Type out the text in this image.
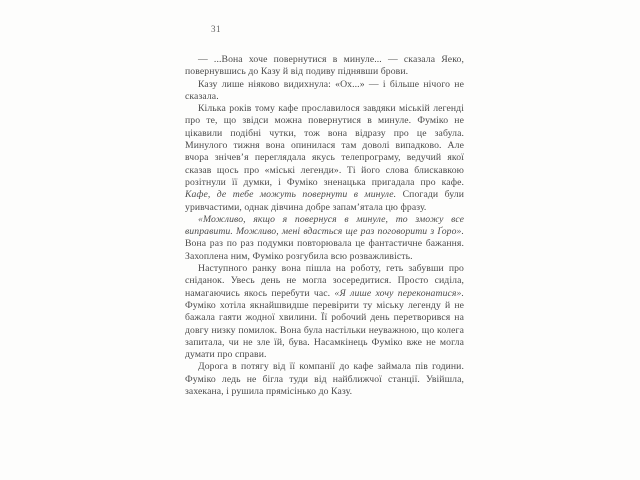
31

— ...Вона хоче повернутися в минуле... — сказала Яеко, повернувшись до Казу й від подиву піднявши брови.

Казу лише ніяково видихнула: «Ох...» — і більше нічого не сказала.

Кілька років тому кафе прославилося завдяки міській легенді про те, що звідси можна повернутися в минуле. Фуміко не цікавили подібні чутки, тож вона відразу про це забула. Минулого тижня вона опинилася там доволі випадково. Але вчора знічев’я переглядала якусь телепрограму, ведучий якої сказав щось про «міські легенди». Ті його слова блискавкою розітнули її думки, і Фуміко зненацька пригадала про кафе. Кафе, де тебе можуть повернути в минуле. Спогади були уривчастими, однак дівчина добре запам’ятала цю фразу.

«Можливо, якщо я повернуся в минуле, то зможу все виправити. Можливо, мені вдасться ще раз поговорити з Ґоро». Вона раз по раз подумки повторювала це фантастичне бажання. Захоплена ним, Фуміко розгубила всю розважливість.

Наступного ранку вона пішла на роботу, геть забувши про сніданок. Увесь день не могла зосередитися. Просто сиділа, намагаючись якось перебути час. «Я лише хочу переконатися». Фуміко хотіла якнайшвидше перевірити ту міську легенду й не бажала гаяти жодної хвилини. Її робочий день перетворився на довгу низку помилок. Вона була настільки неуважною, що колега запитала, чи не зле їй, бува. Насамкінець Фуміко вже не могла думати про справи.

Дорога в потягу від її компанії до кафе займала пів години. Фуміко ледь не бігла туди від найближчої станції. Увійшла, захекана, і рушила прямісінько до Казу.
